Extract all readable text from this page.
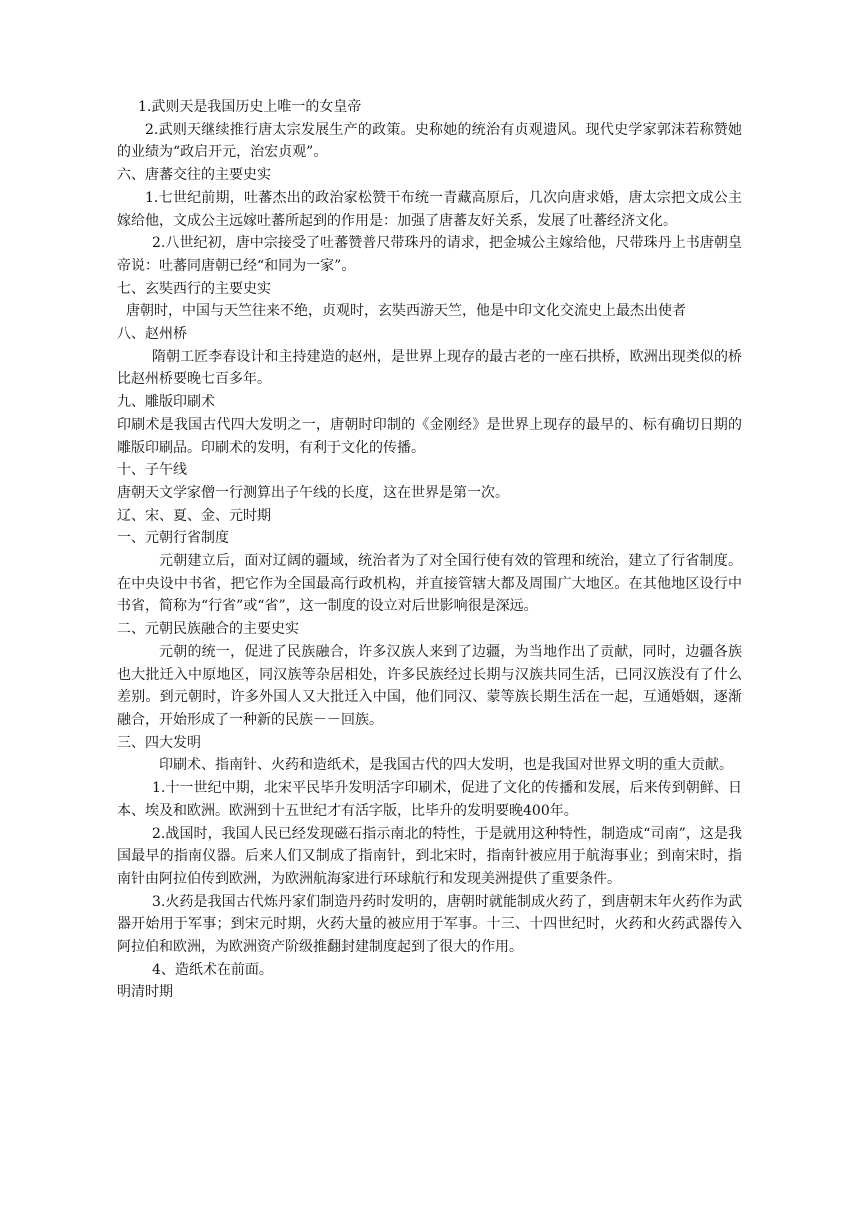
1.武则天是我国历史上唯一的女皇帝

2.武则天继续推行唐太宗发展生产的政策。史称她的统治有贞观遗风。现代史学家郭沫若称赞她的业绩为“政启开元，治宏贞观”。

六、唐蕃交往的主要史实

1.七世纪前期，吐蕃杰出的政治家松赞干布统一青藏高原后，几次向唐求婚，唐太宗把文成公主嫁给他，文成公主远嫁吐蕃所起到的作用是：加强了唐蕃友好关系，发展了吐蕃经济文化。

2.八世纪初，唐中宗接受了吐蕃赞普尺带珠丹的请求，把金城公主嫁给他，尺带珠丹上书唐朝皇帝说：吐蕃同唐朝已经“和同为一家”。

七、玄奘西行的主要史实

唐朝时，中国与天竺往来不绝，贞观时，玄奘西游天竺，他是中印文化交流史上最杰出使者

八、赵州桥

隋朝工匠李春设计和主持建造的赵州，是世界上现存的最古老的一座石拱桥，欧洲出现类似的桥比赵州桥要晚七百多年。

九、雕版印刷术

印刷术是我国古代四大发明之一，唐朝时印制的《金刚经》是世界上现存的最早的、标有确切日期的雕版印刷品。印刷术的发明，有利于文化的传播。

十、子午线

唐朝天文学家僧一行测算出子午线的长度，这在世界是第一次。

辽、宋、夏、金、元时期

一、元朝行省制度

元朝建立后，面对辽阔的疆域，统治者为了对全国行使有效的管理和统治，建立了行省制度。在中央设中书省，把它作为全国最高行政机构，并直接管辖大都及周围广大地区。在其他地区设行中书省，简称为“行省”或“省”，这一制度的设立对后世影响很是深远。

二、元朝民族融合的主要史实

元朝的统一，促进了民族融合，许多汉族人来到了边疆，为当地作出了贡献，同时，边疆各族也大批迁入中原地区，同汉族等杂居相处，许多民族经过长期与汉族共同生活，已同汉族没有了什么差别。到元朝时，许多外国人又大批迁入中国，他们同汉、蒙等族长期生活在一起，互通婚姻，逐渐融合，开始形成了一种新的民族－－回族。

三、四大发明

印刷术、指南针、火药和造纸术，是我国古代的四大发明，也是我国对世界文明的重大贡献。

1.十一世纪中期，北宋平民毕升发明活字印刷术，促进了文化的传播和发展，后来传到朝鲜、日本、埃及和欧洲。欧洲到十五世纪才有活字版，比毕升的发明要晚400年。

2.战国时，我国人民已经发现磁石指示南北的特性，于是就用这种特性，制造成“司南”，这是我国最早的指南仪器。后来人们又制成了指南针，到北宋时，指南针被应用于航海事业；到南宋时，指南针由阿拉伯传到欧洲，为欧洲航海家进行环球航行和发现美洲提供了重要条件。

3.火药是我国古代炼丹家们制造丹药时发明的，唐朝时就能制成火药了，到唐朝末年火药作为武器开始用于军事；到宋元时期，火药大量的被应用于军事。十三、十四世纪时，火药和火药武器传入阿拉伯和欧洲，为欧洲资产阶级推翻封建制度起到了很大的作用。

4、造纸术在前面。

明清时期
